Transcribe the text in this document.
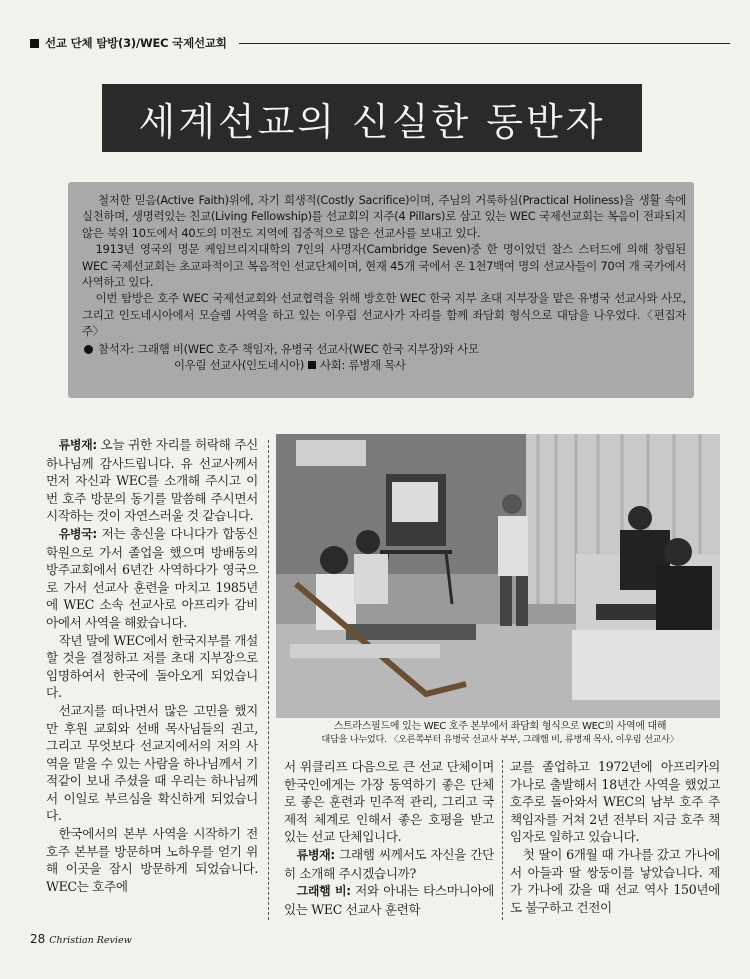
선교 단체 탐방(3)/WEC 국제선교회
세계선교의 신실한 동반자

철저한 믿음(Active Faith)위에, 자기 희생적(Costly Sacrifice)이며, 주님의 거룩하심(Practical Holiness)을 생활 속에 실천하며, 생명력있는 친교(Living Fellowship)를 선교회의 지주(4 Pillars)로 삼고 있는 WEC 국제선교회는 복음이 전파되지 않은 북위 10도에서 40도의 미전도 지역에 집중적으로 많은 선교사를 보내고 있다.

1913년 영국의 명문 케임브리지대학의 7인의 사명자(Cambridge Seven)중 한 명이었던 찰스 스터드에 의해 창립된 WEC 국제선교회는 초교파적이고 복음적인 선교단체이며, 현재 45개 국에서 온 1천7백여 명의 선교사들이 70여 개 국가에서 사역하고 있다.

이번 탐방은 호주 WEC 국제선교회와 선교협력을 위해 방호한 WEC 한국 지부 초대 지부장을 맡은 유병국 선교사와 사모, 그리고 인도네시아에서 모슬렘 사역을 하고 있는 이우림 선교사가 자리를 함께 좌담회 형식으로 대담을 나우었다.〈편집자 주〉

참석자: 그래햄 비(WEC 호주 책임자, 유병국 선교사(WEC 한국 지부장)와 사모
이우림 선교사(인도네시아) 사회: 류병재 목사

류병재: 오늘 귀한 자리를 허락해 주신 하나님께 감사드립니다. 유 선교사께서 먼저 자신과 WEC를 소개해 주시고 이번 호주 방문의 동기를 말씀해 주시면서 시작하는 것이 자연스러울 것 같습니다.

유병국: 저는 총신을 다니다가 합동신학원으로 가서 졸업을 했으며 방배동의 방주교회에서 6년간 사역하다가 영국으로 가서 선교사 훈련을 마치고 1985년에 WEC 소속 선교사로 아프리카 감비아에서 사역을 해왔습니다.

작년 말에 WEC에서 한국지부를 개설할 것을 결정하고 저를 초대 지부장으로 임명하여서 한국에 돌아오게 되었습니다.

선교지를 떠나면서 많은 고민을 했지만 후원 교회와 선배 목사님들의 권고, 그리고 무엇보다 선교지에서의 저의 사역을 맡을 수 있는 사람을 하나님께서 기적같이 보내 주셨을 때 우리는 하나님께서 이일로 부르심을 확신하게 되었습니다.

한국에서의 본부 사역을 시작하기 전 호주 본부를 방문하며 노하우를 얻기 위해 이곳을 잠시 방문하게 되었습니다. WEC는 호주에

스트라스필드에 있는 WEC 호주 본부에서 좌담회 형식으로 WEC의 사역에 대해
대담을 나누었다. 〈오른쪽부터 유병국 선교사 부부, 그래햄 비, 류병재 목사, 이우림 선교사〉

서 위클리프 다음으로 큰 선교 단체이며 한국인에게는 가장 동역하기 좋은 단체로 좋은 훈련과 민주적 관리, 그리고 국제적 체계로 인해서 좋은 호평을 받고 있는 선교 단체입니다.

류병재: 그래햄 씨께서도 자신을 간단히 소개해 주시겠습니까?

그래햄 비: 저와 아내는 타스마니아에 있는 WEC 선교사 훈련학

교를 졸업하고 1972년에 아프리카의 가나로 출발해서 18년간 사역을 했었고 호주로 돌아와서 WEC의 남부 호주 주 책임자를 거쳐 2년 전부터 지금 호주 책임자로 일하고 있습니다.

첫 딸이 6개월 때 가나를 갔고 가나에서 아들과 딸 쌍둥이를 낳았습니다. 제가 가나에 갔을 때 선교 역사 150년에도 불구하고 건전이

28 Christian Review
